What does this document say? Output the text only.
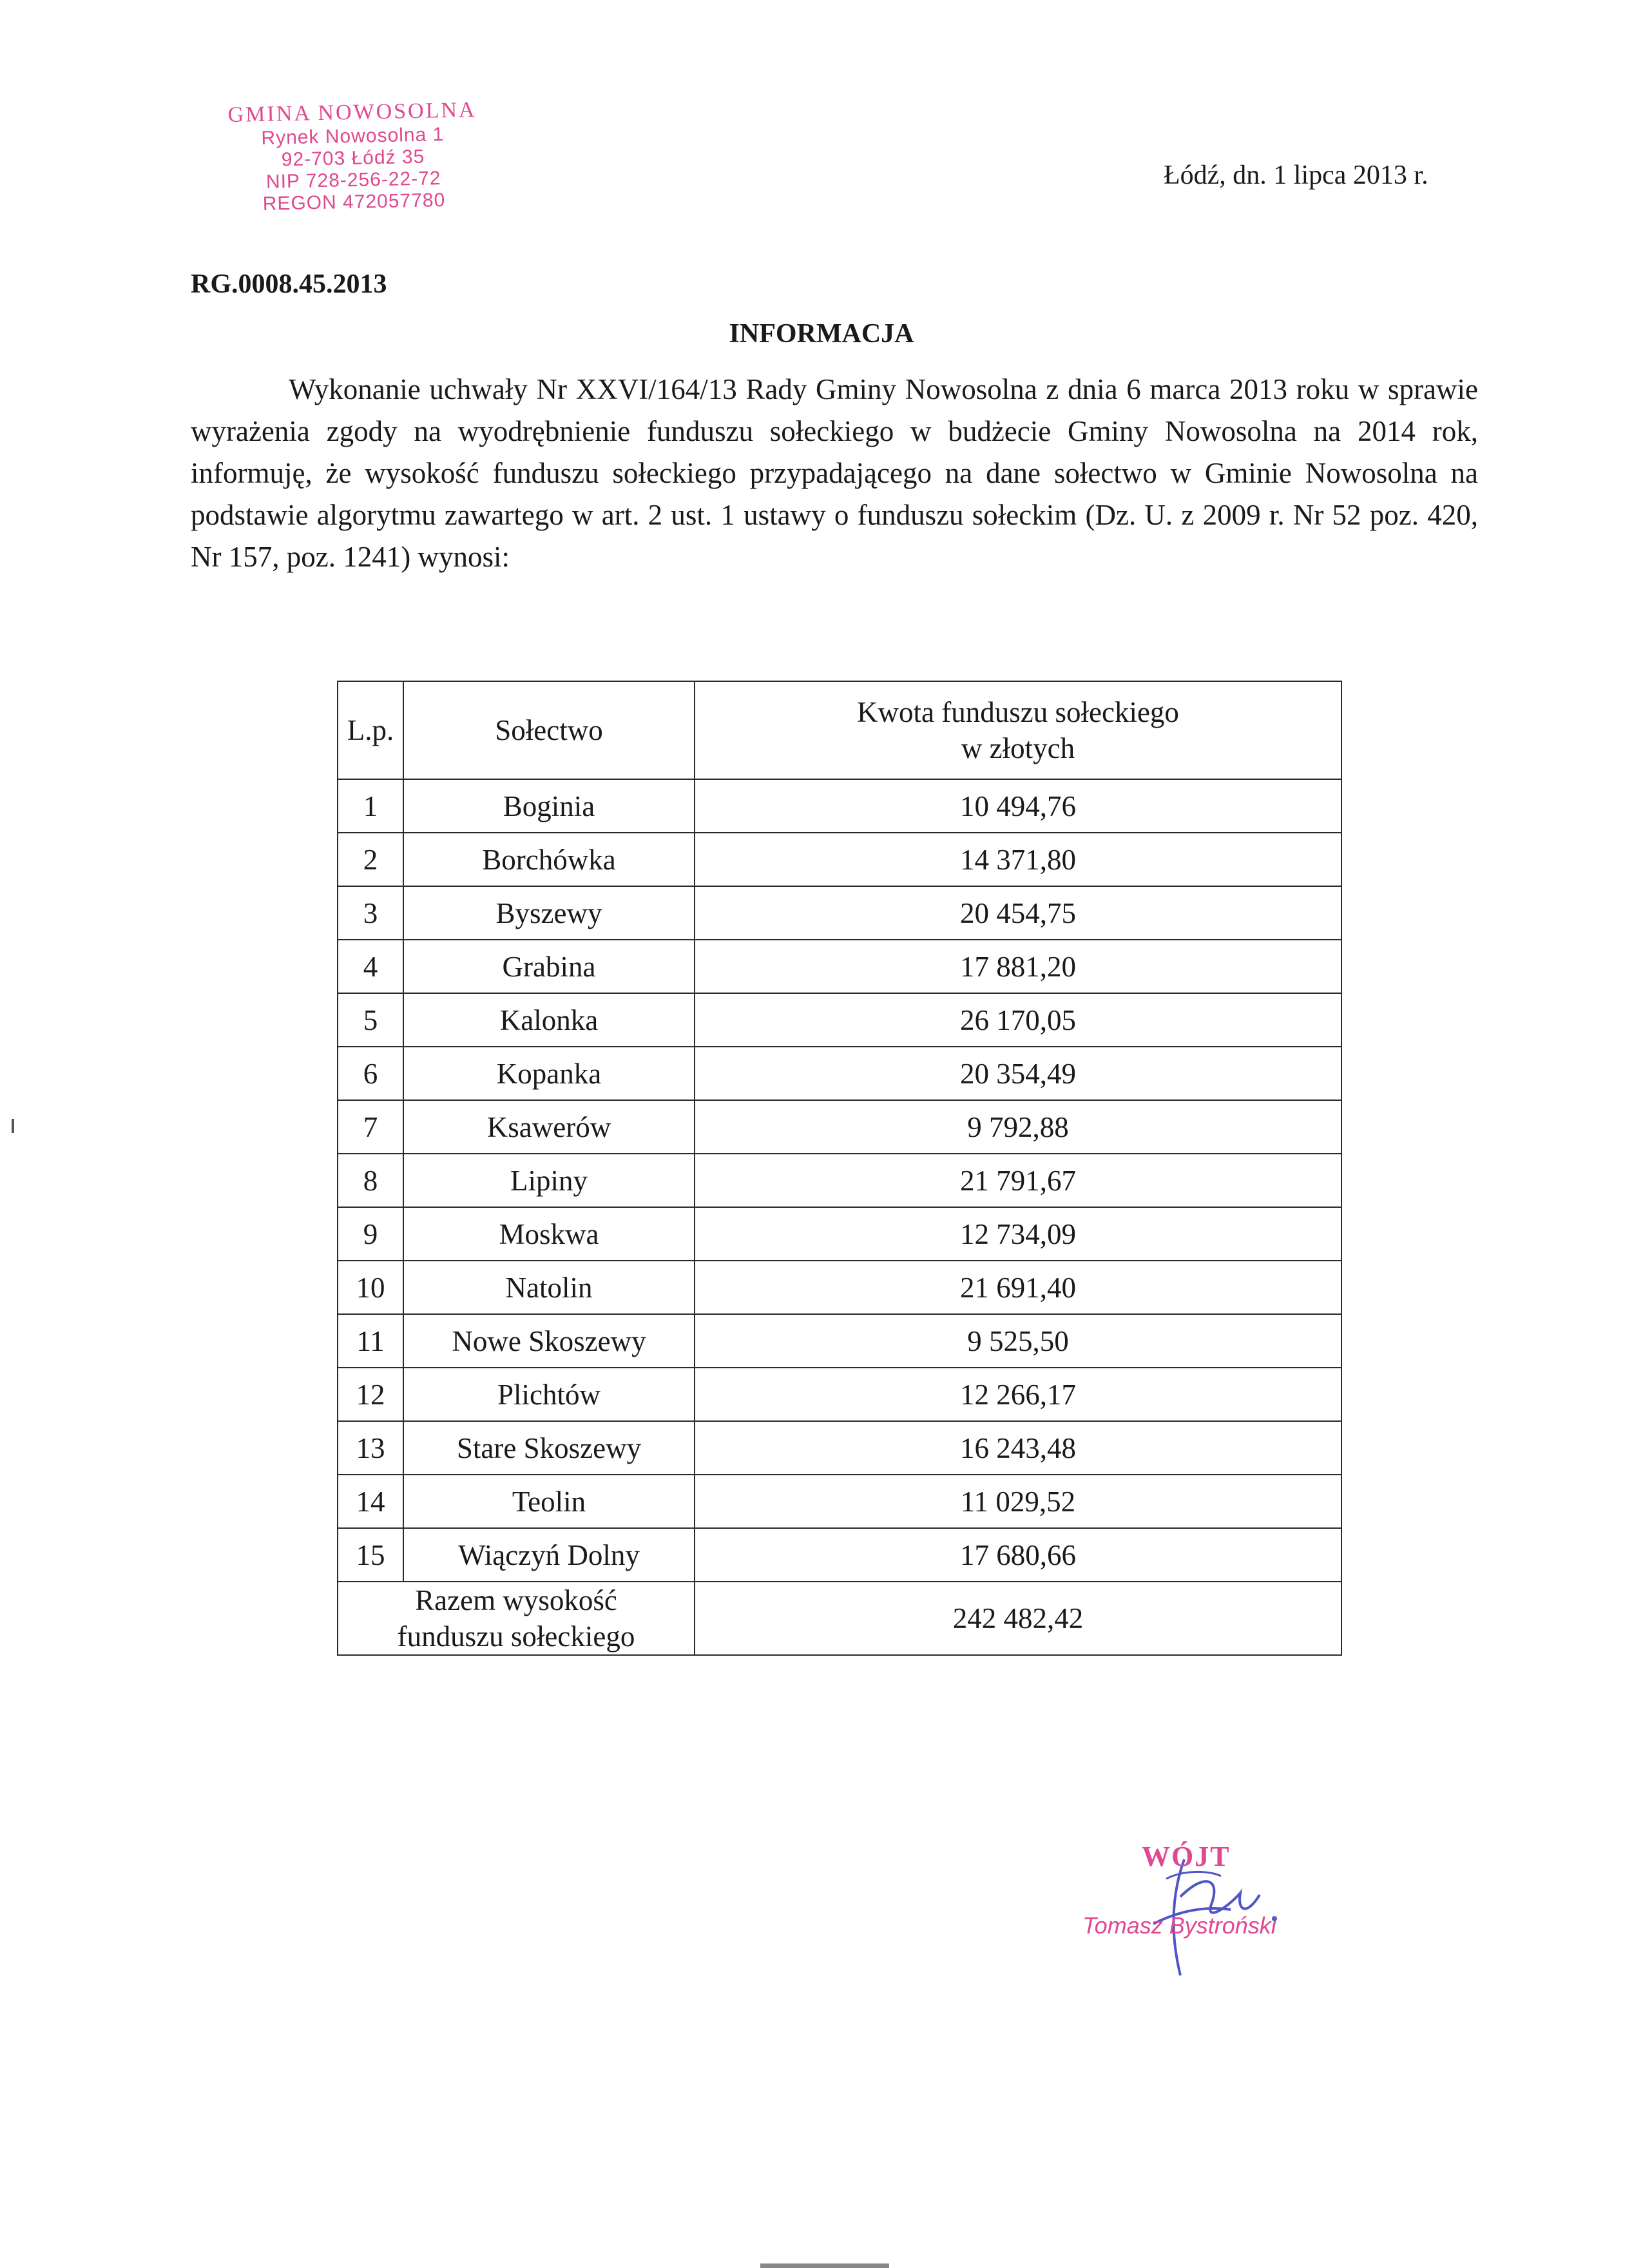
GMINA NOWOSOLNA
Rynek Nowosolna 1
92-703 Łódź 35
NIP 728-256-22-72
REGON 472057780
Łódź, dn. 1 lipca 2013 r.
RG.0008.45.2013
INFORMACJA
Wykonanie uchwały Nr XXVI/164/13 Rady Gminy Nowosolna z dnia 6 marca 2013 roku w sprawie wyrażenia zgody na wyodrębnienie funduszu sołeckiego w budżecie Gminy Nowosolna na 2014 rok, informuję, że wysokość funduszu sołeckiego przypadającego na dane sołectwo w Gminie Nowosolna na podstawie algorytmu zawartego w art. 2 ust. 1 ustawy o funduszu sołeckim (Dz. U. z 2009 r. Nr 52 poz. 420, Nr 157, poz. 1241) wynosi:
L.p.	Sołectwo	Kwota funduszu sołeckiego
w złotych
1	Boginia	10 494,76
2	Borchówka	14 371,80
3	Byszewy	20 454,75
4	Grabina	17 881,20
5	Kalonka	26 170,05
6	Kopanka	20 354,49
7	Ksawerów	9 792,88
8	Lipiny	21 791,67
9	Moskwa	12 734,09
10	Natolin	21 691,40
11	Nowe Skoszewy	9 525,50
12	Plichtów	12 266,17
13	Stare Skoszewy	16 243,48
14	Teolin	11 029,52
15	Wiączyń Dolny	17 680,66
Razem wysokość
funduszu sołeckiego		242 482,42
WÓJT
Tomasz Bystroński
